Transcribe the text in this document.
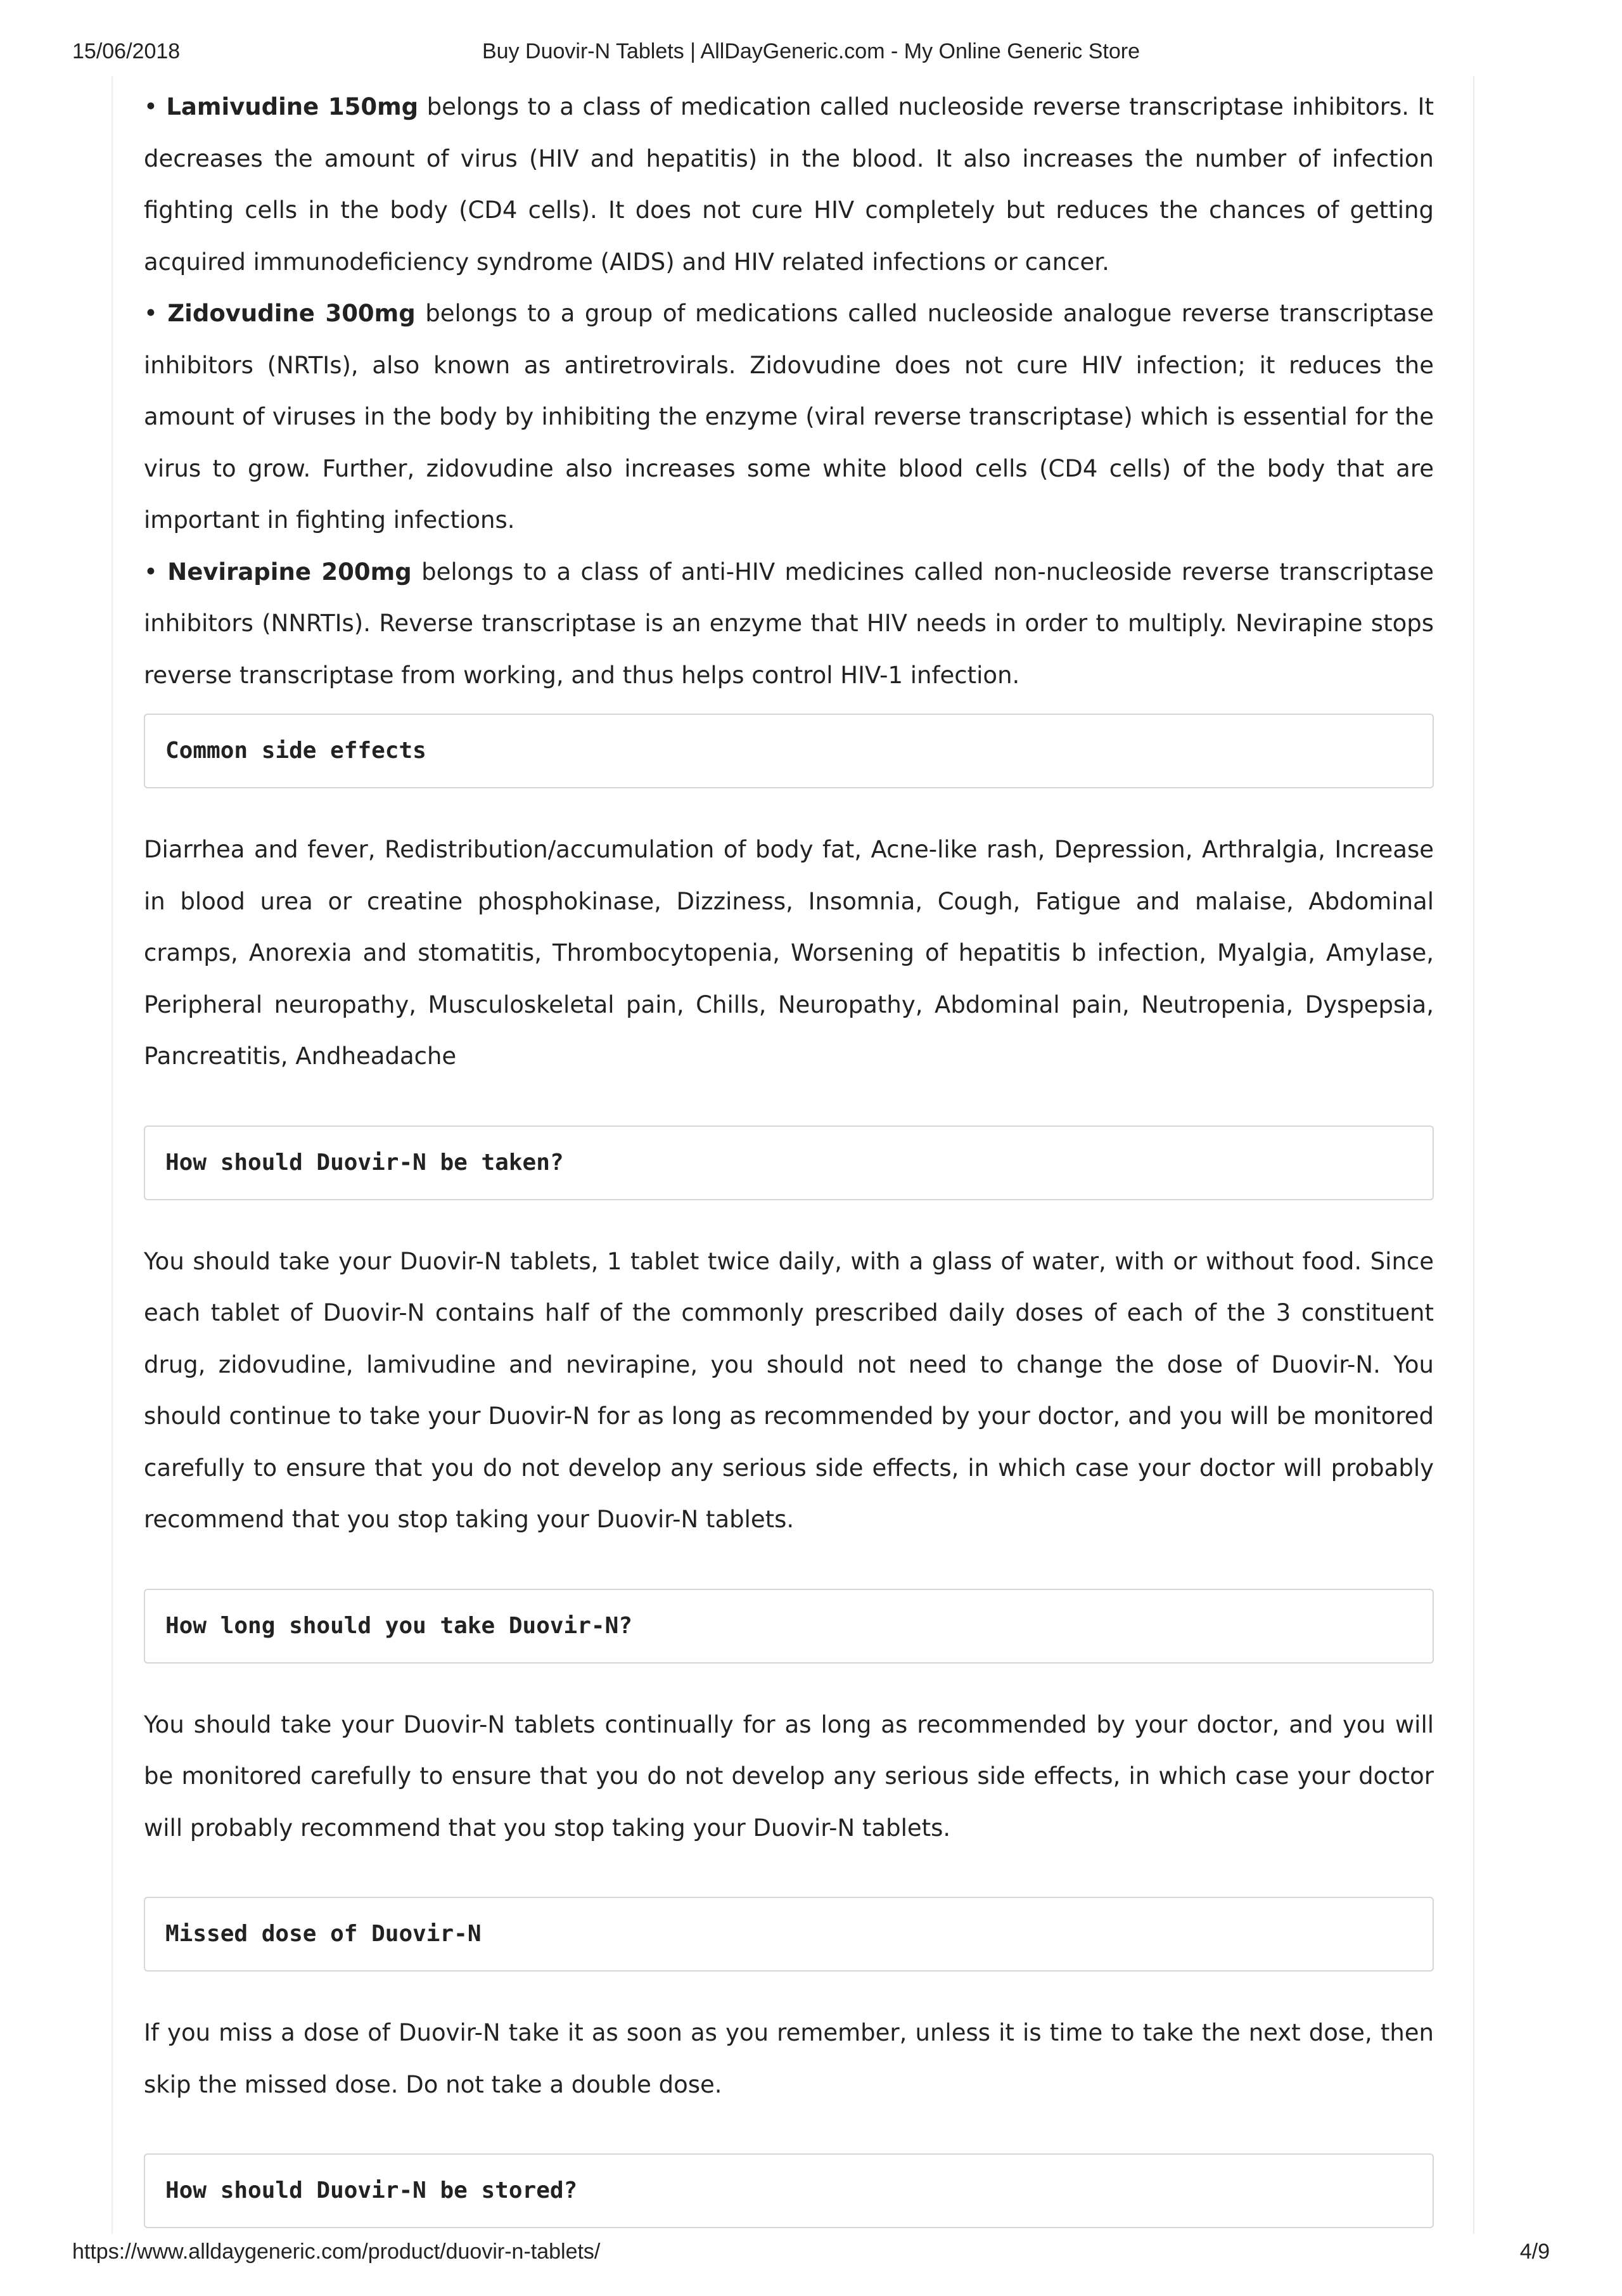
15/06/2018	Buy Duovir-N Tablets | AllDayGeneric.com - My Online Generic Store

• Lamivudine 150mg belongs to a class of medication called nucleoside reverse transcriptase inhibitors. It decreases the amount of virus (HIV and hepatitis) in the blood. It also increases the number of infection fighting cells in the body (CD4 cells). It does not cure HIV completely but reduces the chances of getting acquired immunodeficiency syndrome (AIDS) and HIV related infections or cancer.

• Zidovudine 300mg belongs to a group of medications called nucleoside analogue reverse transcriptase inhibitors (NRTIs), also known as antiretrovirals. Zidovudine does not cure HIV infection; it reduces the amount of viruses in the body by inhibiting the enzyme (viral reverse transcriptase) which is essential for the virus to grow. Further, zidovudine also increases some white blood cells (CD4 cells) of the body that are important in fighting infections.

• Nevirapine 200mg belongs to a class of anti-HIV medicines called non-nucleoside reverse transcriptase inhibitors (NNRTIs). Reverse transcriptase is an enzyme that HIV needs in order to multiply. Nevirapine stops reverse transcriptase from working, and thus helps control HIV-1 infection.

Common side effects

Diarrhea and fever, Redistribution/accumulation of body fat, Acne-like rash, Depression, Arthralgia, Increase in blood urea or creatine phosphokinase, Dizziness, Insomnia, Cough, Fatigue and malaise, Abdominal cramps, Anorexia and stomatitis, Thrombocytopenia, Worsening of hepatitis b infection, Myalgia, Amylase, Peripheral neuropathy, Musculoskeletal pain, Chills, Neuropathy, Abdominal pain, Neutropenia, Dyspepsia, Pancreatitis, Andheadache

How should Duovir-N be taken?

You should take your Duovir-N tablets, 1 tablet twice daily, with a glass of water, with or without food. Since each tablet of Duovir-N contains half of the commonly prescribed daily doses of each of the 3 constituent drug, zidovudine, lamivudine and nevirapine, you should not need to change the dose of Duovir-N. You should continue to take your Duovir-N for as long as recommended by your doctor, and you will be monitored carefully to ensure that you do not develop any serious side effects, in which case your doctor will probably recommend that you stop taking your Duovir-N tablets.

How long should you take Duovir-N?

You should take your Duovir-N tablets continually for as long as recommended by your doctor, and you will be monitored carefully to ensure that you do not develop any serious side effects, in which case your doctor will probably recommend that you stop taking your Duovir-N tablets.

Missed dose of Duovir-N

If you miss a dose of Duovir-N take it as soon as you remember, unless it is time to take the next dose, then skip the missed dose. Do not take a double dose.

How should Duovir-N be stored?
https://www.alldaygeneric.com/product/duovir-n-tablets/	4/9
